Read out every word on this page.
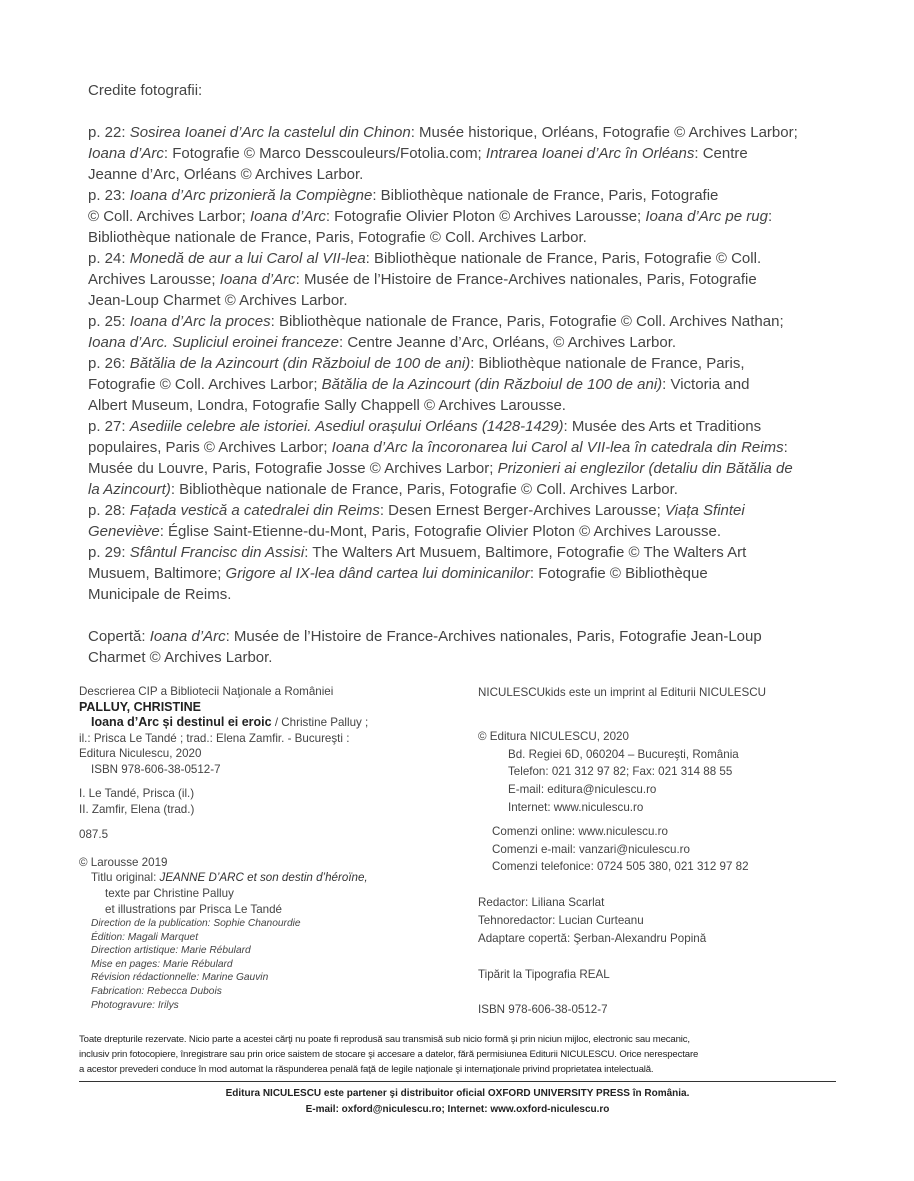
Credite fotografii:
p. 22: Sosirea Ioanei d’Arc la castelul din Chinon: Musée historique, Orléans, Fotografie © Archives Larbor;
Ioana d’Arc: Fotografie © Marco Desscouleurs/Fotolia.com; Intrarea Ioanei d’Arc în Orléans: Centre
Jeanne d’Arc, Orléans © Archives Larbor.
p. 23: Ioana d’Arc prizonieră la Compiègne: Bibliothèque nationale de France, Paris, Fotografie
© Coll. Archives Larbor; Ioana d’Arc: Fotografie Olivier Ploton © Archives Larousse; Ioana d’Arc pe rug:
Bibliothèque nationale de France, Paris, Fotografie © Coll. Archives Larbor.
p. 24: Monedă de aur a lui Carol al VII-lea: Bibliothèque nationale de France, Paris, Fotografie © Coll.
Archives Larousse; Ioana d’Arc: Musée de l’Histoire de France-Archives nationales, Paris, Fotografie
Jean-Loup Charmet © Archives Larbor.
p. 25: Ioana d’Arc la proces: Bibliothèque nationale de France, Paris, Fotografie © Coll. Archives Nathan;
Ioana d’Arc. Supliciul eroinei franceze: Centre Jeanne d’Arc, Orléans, © Archives Larbor.
p. 26: Bătălia de la Azincourt (din Războiul de 100 de ani): Bibliothèque nationale de France, Paris,
Fotografie © Coll. Archives Larbor; Bătălia de la Azincourt (din Războiul de 100 de ani): Victoria and
Albert Museum, Londra, Fotografie Sally Chappell © Archives Larousse.
p. 27: Asediile celebre ale istoriei. Asediul orașului Orléans (1428-1429): Musée des Arts et Traditions
populaires, Paris © Archives Larbor; Ioana d’Arc la încoronarea lui Carol al VII-lea în catedrala din Reims:
Musée du Louvre, Paris, Fotografie Josse © Archives Larbor; Prizonieri ai englezilor (detaliu din Bătălia de
la Azincourt): Bibliothèque nationale de France, Paris, Fotografie © Coll. Archives Larbor.
p. 28: Fațada vestică a catedralei din Reims: Desen Ernest Berger-Archives Larousse; Viața Sfintei
Geneviève: Église Saint-Etienne-du-Mont, Paris, Fotografie Olivier Ploton © Archives Larousse.
p. 29: Sfântul Francisc din Assisi: The Walters Art Musuem, Baltimore, Fotografie © The Walters Art
Musuem, Baltimore; Grigore al IX-lea dând cartea lui dominicanilor: Fotografie © Bibliothèque
Municipale de Reims.
Copertă: Ioana d’Arc: Musée de l’Histoire de France-Archives nationales, Paris, Fotografie Jean-Loup
Charmet © Archives Larbor.
Descrierea CIP a Bibliotecii Naţionale a României
PALLUY, CHRISTINE
Ioana d’Arc și destinul ei eroic / Christine Palluy ;
il.: Prisca Le Tandé ; trad.: Elena Zamfir. - Bucureşti :
Editura Niculescu, 2020
ISBN 978-606-38-0512-7
I. Le Tandé, Prisca (il.)
II. Zamfir, Elena (trad.)
087.5
© Larousse 2019
Titlu original: JEANNE D’ARC et son destin d’héroïne,
texte par Christine Palluy
et illustrations par Prisca Le Tandé
Direction de la publication: Sophie Chanourdie
Édition: Magali Marquet
Direction artistique: Marie Rébulard
Mise en pages: Marie Rébulard
Révision rédactionnelle: Marine Gauvin
Fabrication: Rebecca Dubois
Photogravure: Irilys
NICULESCUkids este un imprint al Editurii NICULESCU
© Editura NICULESCU, 2020
Bd. Regiei 6D, 060204 – Bucureşti, România
Telefon: 021 312 97 82; Fax: 021 314 88 55
E-mail: editura@niculescu.ro
Internet: www.niculescu.ro
Comenzi online: www.niculescu.ro
Comenzi e-mail: vanzari@niculescu.ro
Comenzi telefonice: 0724 505 380, 021 312 97 82
Redactor: Liliana Scarlat
Tehnoredactor: Lucian Curteanu
Adaptare copertă: Şerban-Alexandru Popină
Tipărit la Tipografia REAL
ISBN 978-606-38-0512-7
Toate drepturile rezervate. Nicio parte a acestei cărţi nu poate fi reprodusă sau transmisă sub nicio formă şi prin niciun mijloc, electronic sau mecanic,
inclusiv prin fotocopiere, înregistrare sau prin orice saistem de stocare şi accesare a datelor, fără permisiunea Editurii NICULESCU. Orice nerespectare
a acestor prevederi conduce în mod automat la răspunderea penală faţă de legile naţionale şi internaţionale privind proprietatea intelectuală.
Editura NICULESCU este partener şi distribuitor oficial OXFORD UNIVERSITY PRESS în România.
E-mail: oxford@niculescu.ro; Internet: www.oxford-niculescu.ro
